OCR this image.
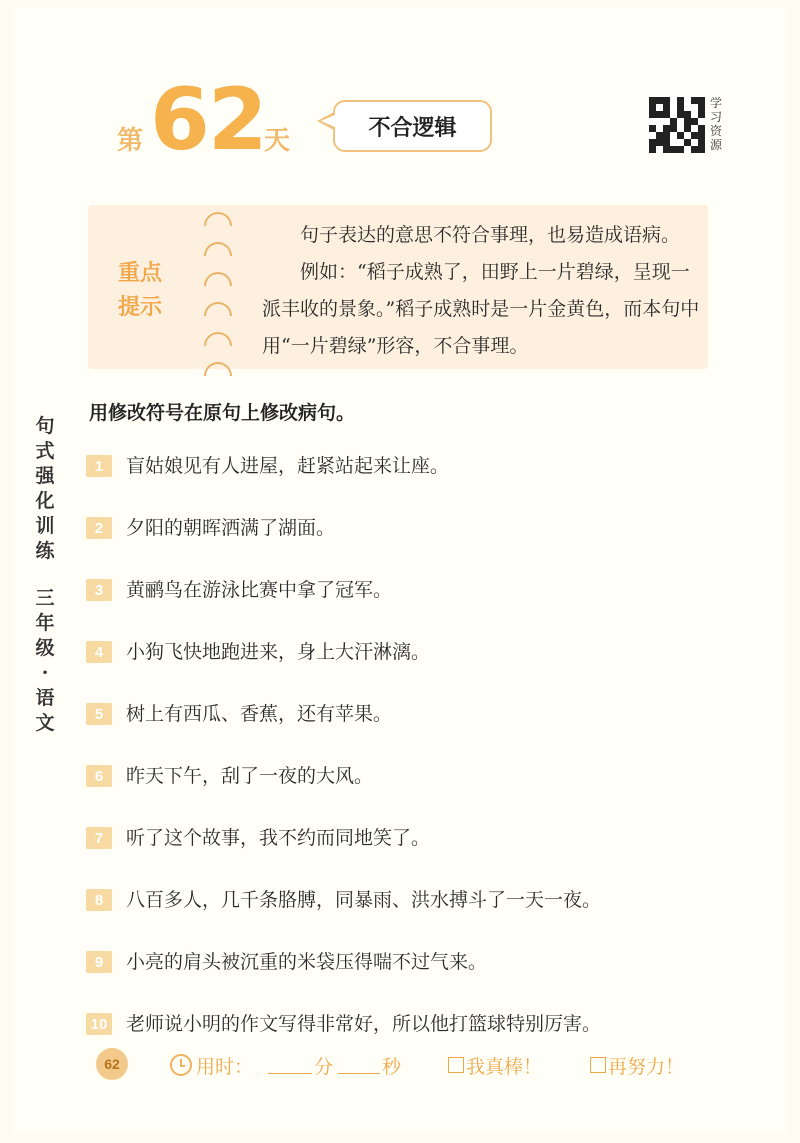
第 62
天	不合逻辑
学习资源
重点
提示

句子表达的意思不符合事理，也易造成语病。

例如：“稻子成熟了，田野上一片碧绿，呈现一派丰收的景象。”稻子成熟时是一片金黄色，而本句中用“一片碧绿”形容，不合事理。

句
式
强
化
训
练
三
年
级
·
语
文
用修改符号在原句上修改病句。
1	盲姑娘见有人进屋，赶紧站起来让座。
2	夕阳的朝晖洒满了湖面。
3	黄鹂鸟在游泳比赛中拿了冠军。
4	小狗飞快地跑进来，身上大汗淋漓。
5	树上有西瓜、香蕉，还有苹果。
6	昨天下午，刮了一夜的大风。
7	听了这个故事，我不约而同地笑了。
8	八百多人，几千条胳膊，同暴雨、洪水搏斗了一天一夜。
9	小亮的肩头被沉重的米袋压得喘不过气来。
10 老师说小明的作文写得非常好，所以他打篮球特别厉害。
62	用时：	分	秒	我真棒！	再努力！
